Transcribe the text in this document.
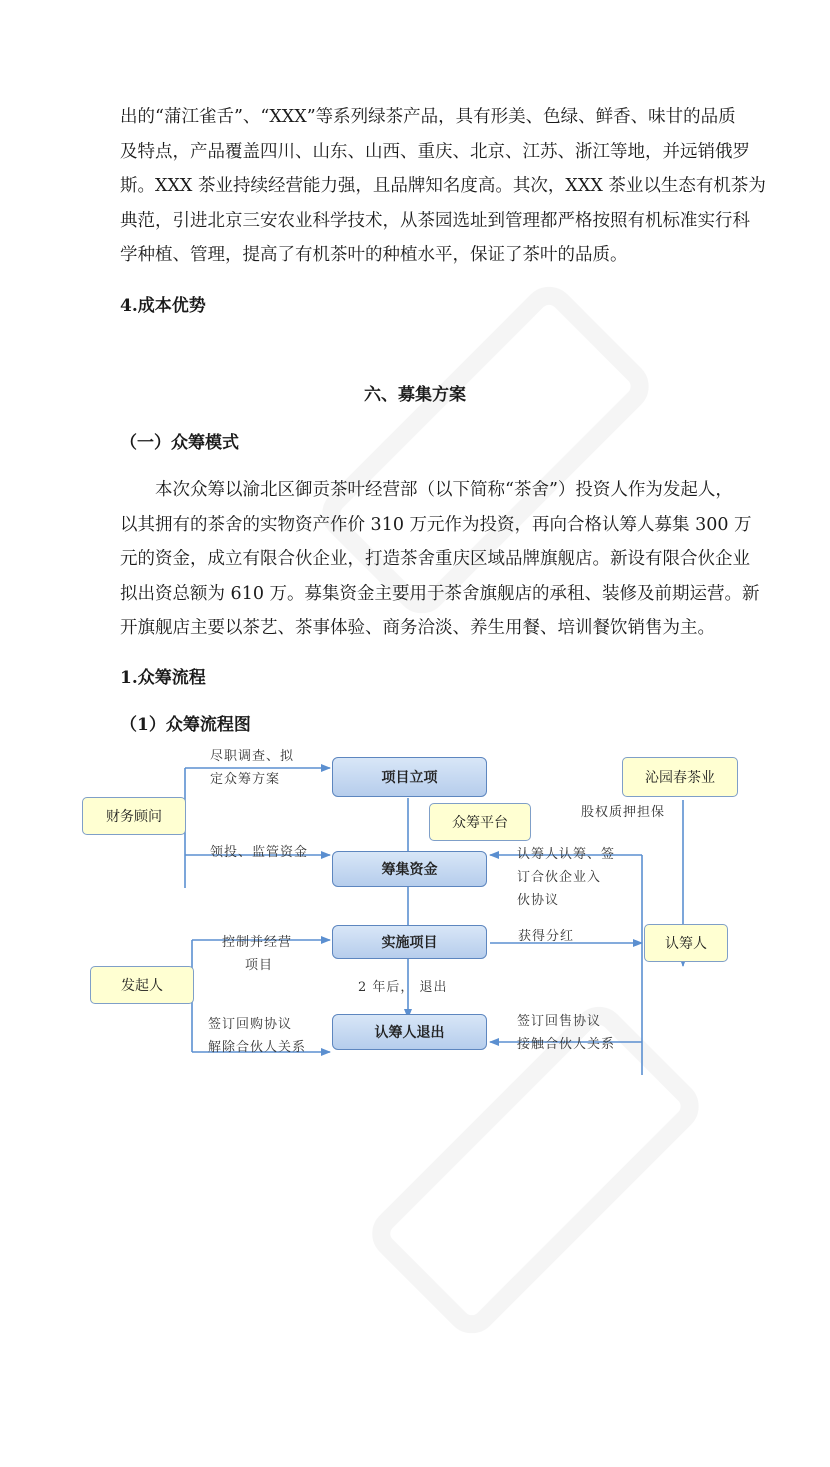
出的“蒲江雀舌”、“XXX”等系列绿茶产品，具有形美、色绿、鲜香、味甘的品质
及特点，产品覆盖四川、山东、山西、重庆、北京、江苏、浙江等地，并远销俄罗
斯。XXX 茶业持续经营能力强，且品牌知名度高。其次，XXX 茶业以生态有机茶为
典范，引进北京三安农业科学技术，从茶园选址到管理都严格按照有机标准实行科
学种植、管理，提高了有机茶叶的种植水平，保证了茶叶的品质。
4.成本优势
六、募集方案
（一）众筹模式
本次众筹以渝北区御贡茶叶经营部（以下简称“茶舍”）投资人作为发起人，
以其拥有的茶舍的实物资产作价 310 万元作为投资，再向合格认筹人募集 300 万
元的资金，成立有限合伙企业，打造茶舍重庆区域品牌旗舰店。新设有限合伙企业
拟出资总额为 610 万。募集资金主要用于茶舍旗舰店的承租、装修及前期运营。新
开旗舰店主要以茶艺、茶事体验、商务洽淡、养生用餐、培训餐饮销售为主。
1.众筹流程
（1）众筹流程图
财务顾问
发起人
项目立项
众筹平台
筹集资金
实施项目
认筹人退出
沁园春茶业
认筹人
尽职调查、拟
定众筹方案
领投、监管资金	认筹人认筹、签
订合伙企业入
伙协议
股权质押担保
控制并经营
项目
获得分红
2 年后， 退出
签订回购协议
解除合伙人关系
签订回售协议
接触合伙人关系
